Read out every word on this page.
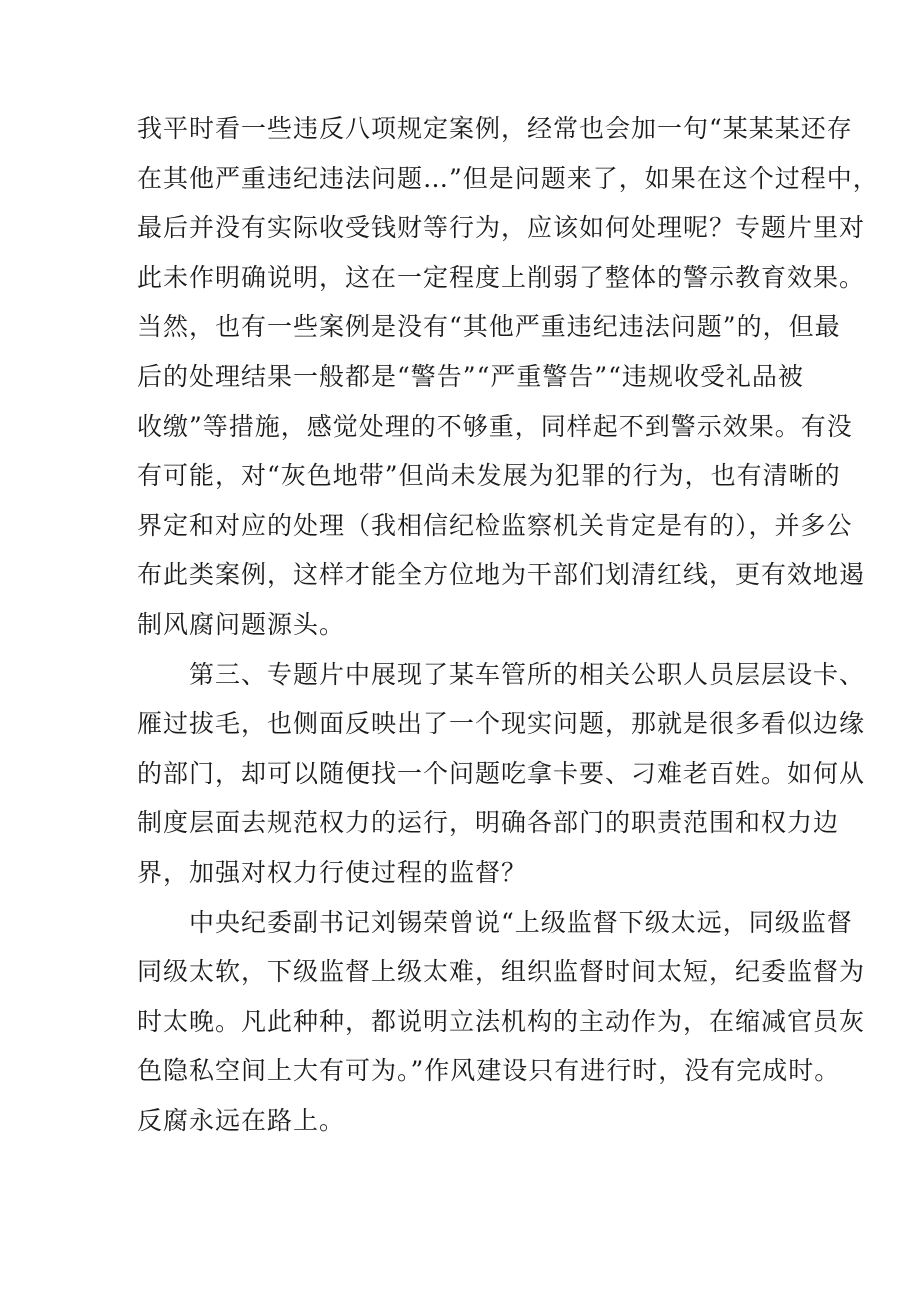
我平时看一些违反八项规定案例，经常也会加一句“某某某还存
在其他严重违纪违法问题…”但是问题来了，如果在这个过程中，
最后并没有实际收受钱财等行为，应该如何处理呢？专题片里对
此未作明确说明，这在一定程度上削弱了整体的警示教育效果。
当然，也有一些案例是没有“其他严重违纪违法问题”的，但最
后的处理结果一般都是“警告”“严重警告”“违规收受礼品被
收缴”等措施，感觉处理的不够重，同样起不到警示效果。有没
有可能，对“灰色地带”但尚未发展为犯罪的行为，也有清晰的
界定和对应的处理（我相信纪检监察机关肯定是有的），并多公
布此类案例，这样才能全方位地为干部们划清红线，更有效地遏
制风腐问题源头。
第三、专题片中展现了某车管所的相关公职人员层层设卡、
雁过拔毛，也侧面反映出了一个现实问题，那就是很多看似边缘
的部门，却可以随便找一个问题吃拿卡要、刁难老百姓。如何从
制度层面去规范权力的运行，明确各部门的职责范围和权力边
界，加强对权力行使过程的监督？
中央纪委副书记刘锡荣曾说“上级监督下级太远，同级监督
同级太软，下级监督上级太难，组织监督时间太短，纪委监督为
时太晚。凡此种种，都说明立法机构的主动作为，在缩减官员灰
色隐私空间上大有可为。”作风建设只有进行时，没有完成时。
反腐永远在路上。
